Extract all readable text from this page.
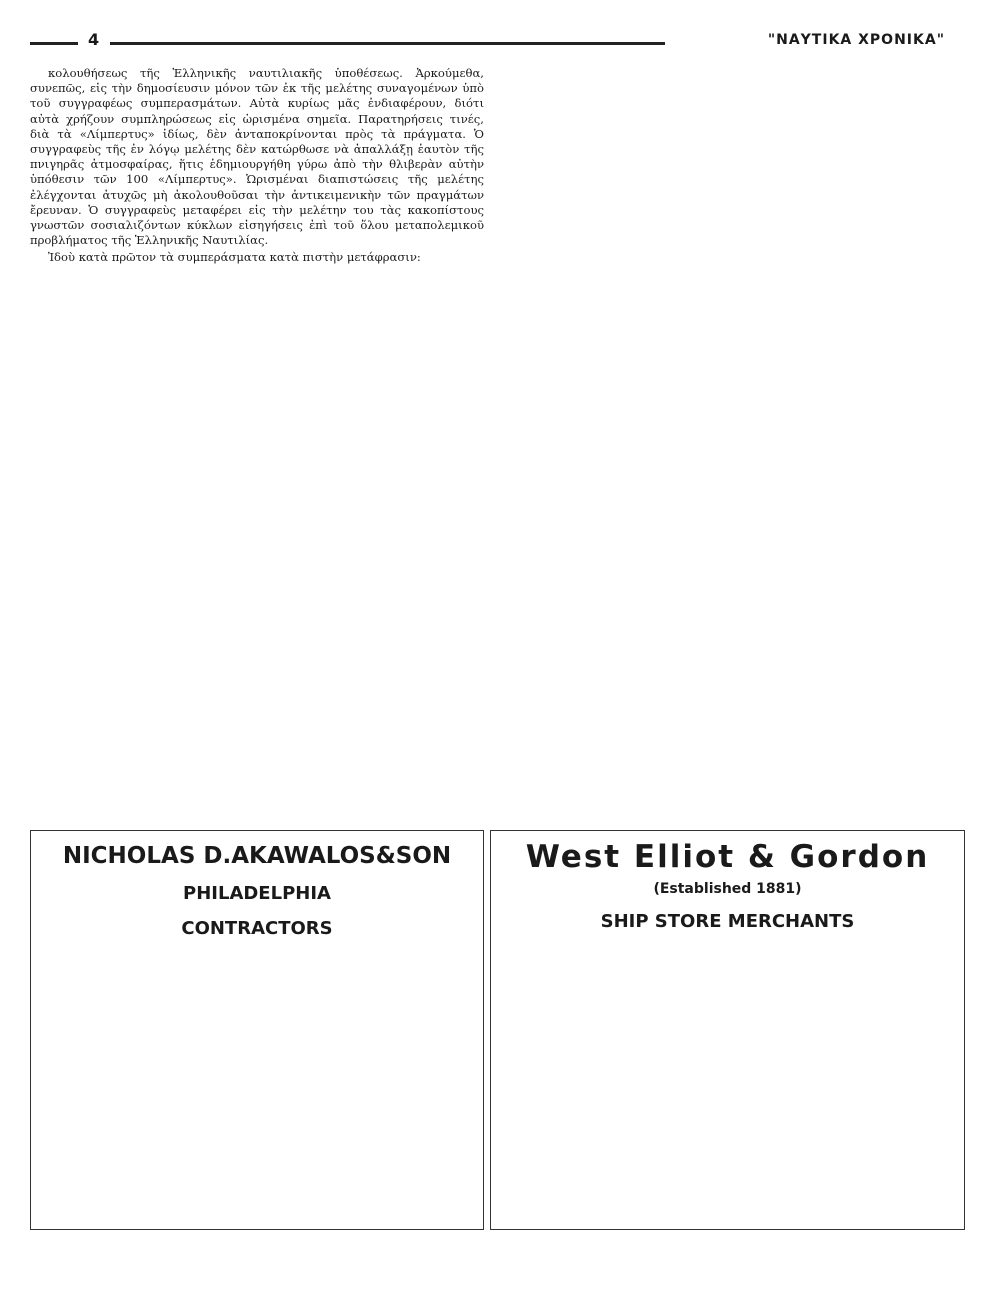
4	"ΝΑΥΤΙΚΑ ΧΡΟΝΙΚΑ"

κολουθήσεως τῆς Ἑλληνικῆς ναυτιλιακῆς ὑποθέσεως. Ἀρκούμεθα, συνεπῶς, εἰς τὴν δημοσίευσιν μόνον τῶν ἐκ τῆς μελέτης συναγομένων ὑπὸ τοῦ συγγραφέως συμπερασμάτων. Αὐτὰ κυρίως μᾶς ἐνδιαφέρουν, διότι αὐτὰ χρήζουν συμπληρώσεως εἰς ὡρισμένα σημεῖα. Παρατηρήσεις τινές, διὰ τὰ «Λίμπερτυς» ἰδίως, δὲν ἀνταποκρίνονται πρὸς τὰ πράγματα. Ὁ συγγραφεὺς τῆς ἐν λόγῳ μελέτης δὲν κατώρθωσε νὰ ἀπαλλάξῃ ἑαυτὸν τῆς πνιγηρᾶς ἀτμοσφαίρας, ἥτις ἐδημιουργήθη γύρω ἀπὸ τὴν θλιβερὰν αὐτὴν ὑπόθεσιν τῶν 100 «Λίμπερτυς». Ὡρισμέναι διαπιστώσεις τῆς μελέτης ἐλέγχονται ἀτυχῶς μὴ ἀκολουθοῦσαι τὴν ἀντικειμενικὴν τῶν πραγμάτων ἔρευναν. Ὁ συγγραφεὺς μεταφέρει εἰς τὴν μελέτην του τὰς κακοπίστους γνωστῶν σοσιαλιζόντων κύκλων εἰσηγήσεις ἐπὶ τοῦ ὅλου μεταπολεμικοῦ προβλήματος τῆς Ἑλληνικῆς Ναυτιλίας.

Ἰδοὺ κατὰ πρῶτον τὰ συμπεράσματα κατὰ πιστὴν μετάφρασιν:

NICHOLAS D.AKAWALOS&SON
PHILADELPHIA
CONTRACTORS
West Elliot & Gordon
(Established 1881)
SHIP STORE MERCHANTS
